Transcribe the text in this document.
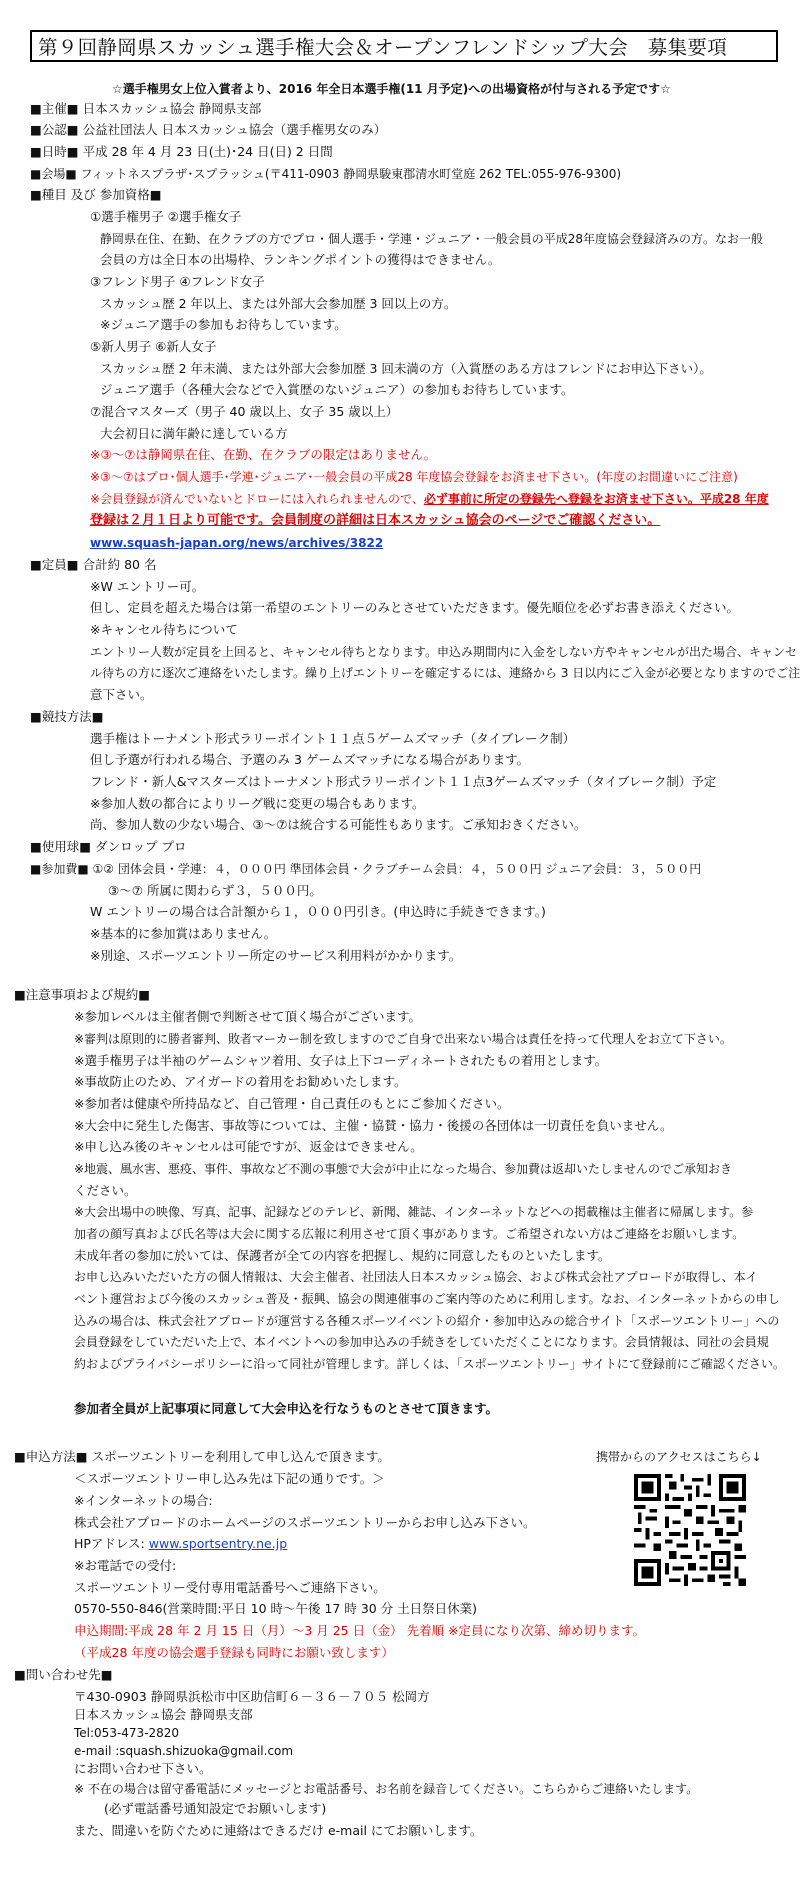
第９回静岡県スカッシュ選手権大会＆オープンフレンドシップ大会　募集要項
☆選手権男女上位入賞者より、2016 年全日本選手権(11 月予定)への出場資格が付与される予定です☆
■主催■ 日本スカッシュ協会 静岡県支部
■公認■ 公益社団法人 日本スカッシュ協会（選手権男女のみ）
■日時■ 平成 28 年 4 月 23 日(土)･24 日(日) 2 日間
■会場■ フィットネスプラザ･スプラッシュ(〒411-0903 静岡県駿東郡清水町堂庭 262 TEL:055-976-9300)
■種目 及び 参加資格■
①選手権男子 ②選手権女子
静岡県在住、在勤、在クラブの方でプロ・個人選手・学連・ジュニア・一般会員の平成28年度協会登録済みの方。なお一般
会員の方は全日本の出場枠、ランキングポイントの獲得はできません。
③フレンド男子 ④フレンド女子
スカッシュ歴 2 年以上、または外部大会参加歴 3 回以上の方。
※ジュニア選手の参加もお待ちしています。
⑤新人男子 ⑥新人女子
スカッシュ歴 2 年未満、または外部大会参加歴 3 回未満の方（入賞歴のある方はフレンドにお申込下さい）。
ジュニア選手（各種大会などで入賞歴のないジュニア）の参加もお待ちしています。
⑦混合マスターズ（男子 40 歳以上、女子 35 歳以上）
大会初日に満年齢に達している方
※③～⑦は静岡県在住、在勤、在クラブの限定はありません。
※③～⑦はプロ･個人選手･学連･ジュニア･一般会員の平成28 年度協会登録をお済ませ下さい。(年度のお間違いにご注意)
※会員登録が済んでいないとドローには入れられませんので、必ず事前に所定の登録先へ登録をお済ませ下さい。平成28 年度
登録は２月１日より可能です。会員制度の詳細は日本スカッシュ協会のページでご確認ください。
www.squash-japan.org/news/archives/3822
■定員■ 合計約 80 名
※W エントリー可。
但し、定員を超えた場合は第一希望のエントリーのみとさせていただきます。優先順位を必ずお書き添えください。
※キャンセル待ちについて
エントリー人数が定員を上回ると、キャンセル待ちとなります。申込み期間内に入金をしない方やキャンセルが出た場合、キャンセ
ル待ちの方に逐次ご連絡をいたします。繰り上げエントリーを確定するには、連絡から 3 日以内にご入金が必要となりますのでご注
意下さい。
■競技方法■
選手権はトーナメント形式ラリーポイント１１点５ゲームズマッチ（タイブレーク制）
但し予選が行われる場合、予選のみ 3 ゲームズマッチになる場合があります。
フレンド・新人&マスターズはトーナメント形式ラリーポイント１１点3ゲームズマッチ（タイブレーク制）予定
※参加人数の都合によりリーグ戦に変更の場合もあります。
尚、参加人数の少ない場合、③～⑦は統合する可能性もあります。ご承知おきください。
■使用球■ ダンロップ プロ
■参加費■ ①② 団体会員・学連：４，０００円 準団体会員・クラブチーム会員：４，５００円 ジュニア会員：３，５００円
③～⑦ 所属に関わらず３，５００円。
W エントリーの場合は合計額から１，０００円引き。(申込時に手続きできます。)
※基本的に参加賞はありません。
※別途、スポーツエントリー所定のサービス利用料がかかります。
■注意事項および規約■
※参加レベルは主催者側で判断させて頂く場合がございます。
※審判は原則的に勝者審判、敗者マーカー制を致しますのでご自身で出来ない場合は責任を持って代理人をお立て下さい。
※選手権男子は半袖のゲームシャツ着用、女子は上下コーディネートされたもの着用とします。
※事故防止のため、アイガードの着用をお勧めいたします。
※参加者は健康や所持品など、自己管理・自己責任のもとにご参加ください。
※大会中に発生した傷害、事故等については、主催・協賛・協力・後援の各団体は一切責任を負いません。
※申し込み後のキャンセルは可能ですが、返金はできません。
※地震、風水害、悪疫、事件、事故など不測の事態で大会が中止になった場合、参加費は返却いたしませんのでご承知おき
ください。
※大会出場中の映像、写真、記事、記録などのテレビ、新聞、雑誌、インターネットなどへの掲載権は主催者に帰属します。参
加者の顔写真および氏名等は大会に関する広報に利用させて頂く事があります。ご希望されない方はご連絡をお願いします。
未成年者の参加に於いては、保護者が全ての内容を把握し、規約に同意したものといたします。
お申し込みいただいた方の個人情報は、大会主催者、社団法人日本スカッシュ協会、および株式会社アプロードが取得し、本イ
ベント運営および今後のスカッシュ普及・振興、協会の関連催事のご案内等のために利用します。なお、インターネットからの申し
込みの場合は、株式会社アプロードが運営する各種スポーツイベントの紹介・参加申込みの総合サイト「スポーツエントリー」への
会員登録をしていただいた上で、本イベントへの参加申込みの手続きをしていただくことになります。会員情報は、同社の会員規
約およびプライバシーポリシーに沿って同社が管理します。詳しくは、「スポーツエントリー」サイトにて登録前にご確認ください。
参加者全員が上記事項に同意して大会申込を行なうものとさせて頂きます。
■申込方法■ スポーツエントリーを利用して申し込んで頂きます。	携帯からのアクセスはこちら↓
＜スポーツエントリー申し込み先は下記の通りです。＞
※インターネットの場合:
株式会社アプロードのホームページのスポーツエントリーからお申し込み下さい。
HPアドレス: www.sportsentry.ne.jp
※お電話での受付:
スポーツエントリー受付専用電話番号へご連絡下さい。
0570-550-846(営業時間:平日 10 時～午後 17 時 30 分 土日祭日休業)
申込期間:平成 28 年 2 月 15 日（月）～3 月 25 日（金） 先着順 ※定員になり次第、締め切ります。
（平成28 年度の協会選手登録も同時にお願い致します）
■問い合わせ先■
〒430-0903 静岡県浜松市中区助信町６－３６－７０５ 松岡方
日本スカッシュ協会 静岡県支部
Tel:053-473-2820
e-mail :squash.shizuoka@gmail.com
にお問い合わせ下さい。
※ 不在の場合は留守番電話にメッセージとお電話番号、お名前を録音してください。こちらからご連絡いたします。
(必ず電話番号通知設定でお願いします)
また、間違いを防ぐために連絡はできるだけ e-mail にてお願いします。
